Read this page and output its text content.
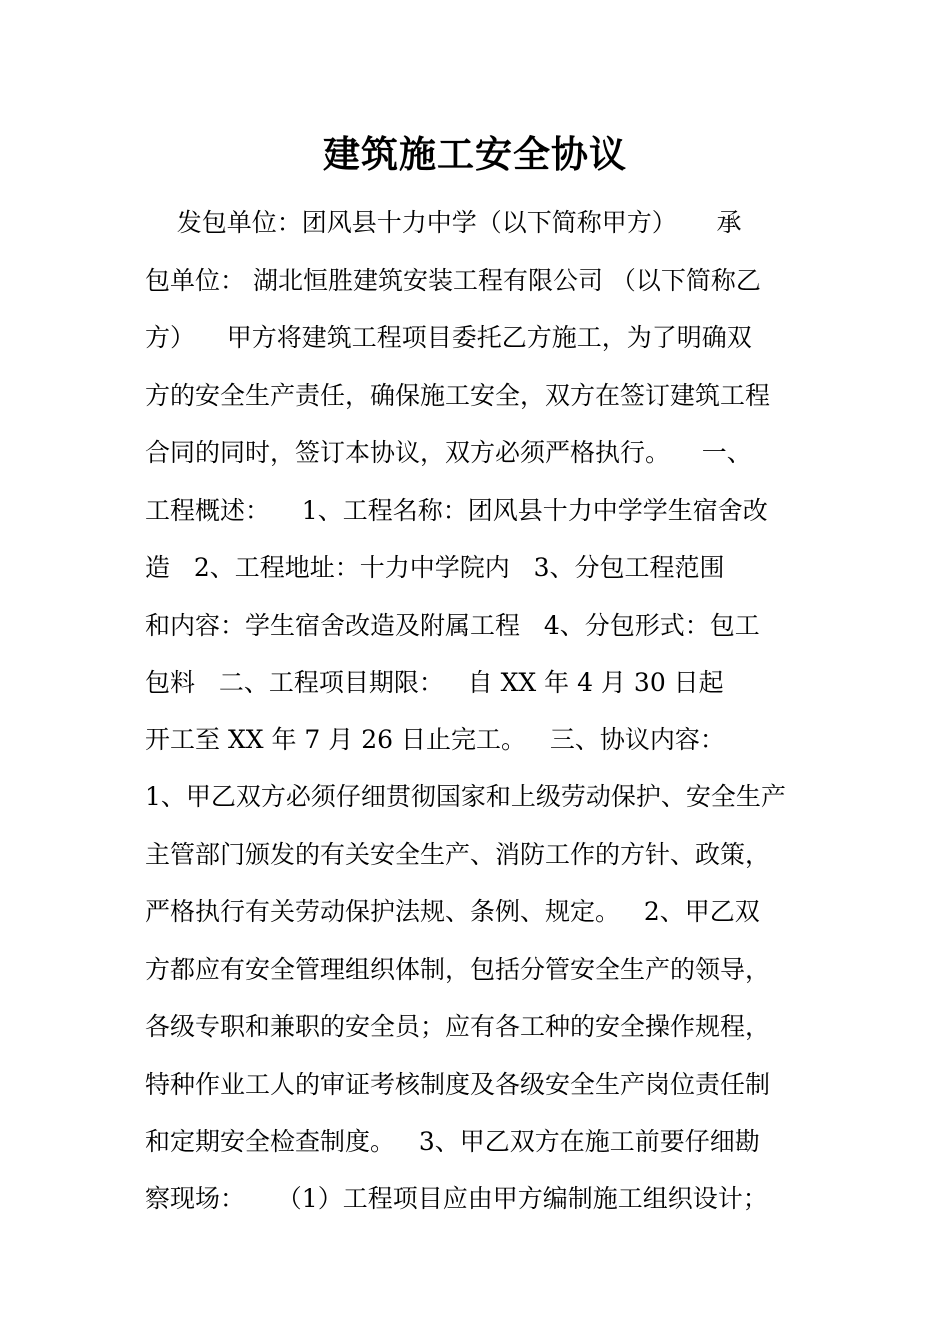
建筑施工安全协议
发包单位：团风县十力中学（以下简称甲方）     承
包单位： 湖北恒胜建筑安装工程有限公司 （以下简称乙
方）    甲方将建筑工程项目委托乙方施工，为了明确双
方的安全生产责任，确保施工安全，双方在签订建筑工程
合同的同时，签订本协议，双方必须严格执行。    一、
工程概述：    1、工程名称：团风县十力中学学生宿舍改
造   2、工程地址：十力中学院内   3、分包工程范围
和内容：学生宿舍改造及附属工程   4、分包形式：包工
包料   二、工程项目期限：   自 XX 年 4 月 30 日起
开工至 XX 年 7 月 26 日止完工。   三、协议内容：
1、甲乙双方必须仔细贯彻国家和上级劳动保护、安全生产
主管部门颁发的有关安全生产、消防工作的方针、政策，
严格执行有关劳动保护法规、条例、规定。   2、甲乙双
方都应有安全管理组织体制，包括分管安全生产的领导，
各级专职和兼职的安全员；应有各工种的安全操作规程，
特种作业工人的审证考核制度及各级安全生产岗位责任制
和定期安全检查制度。   3、甲乙双方在施工前要仔细勘
察现场：    （1）工程项目应由甲方编制施工组织设计；
